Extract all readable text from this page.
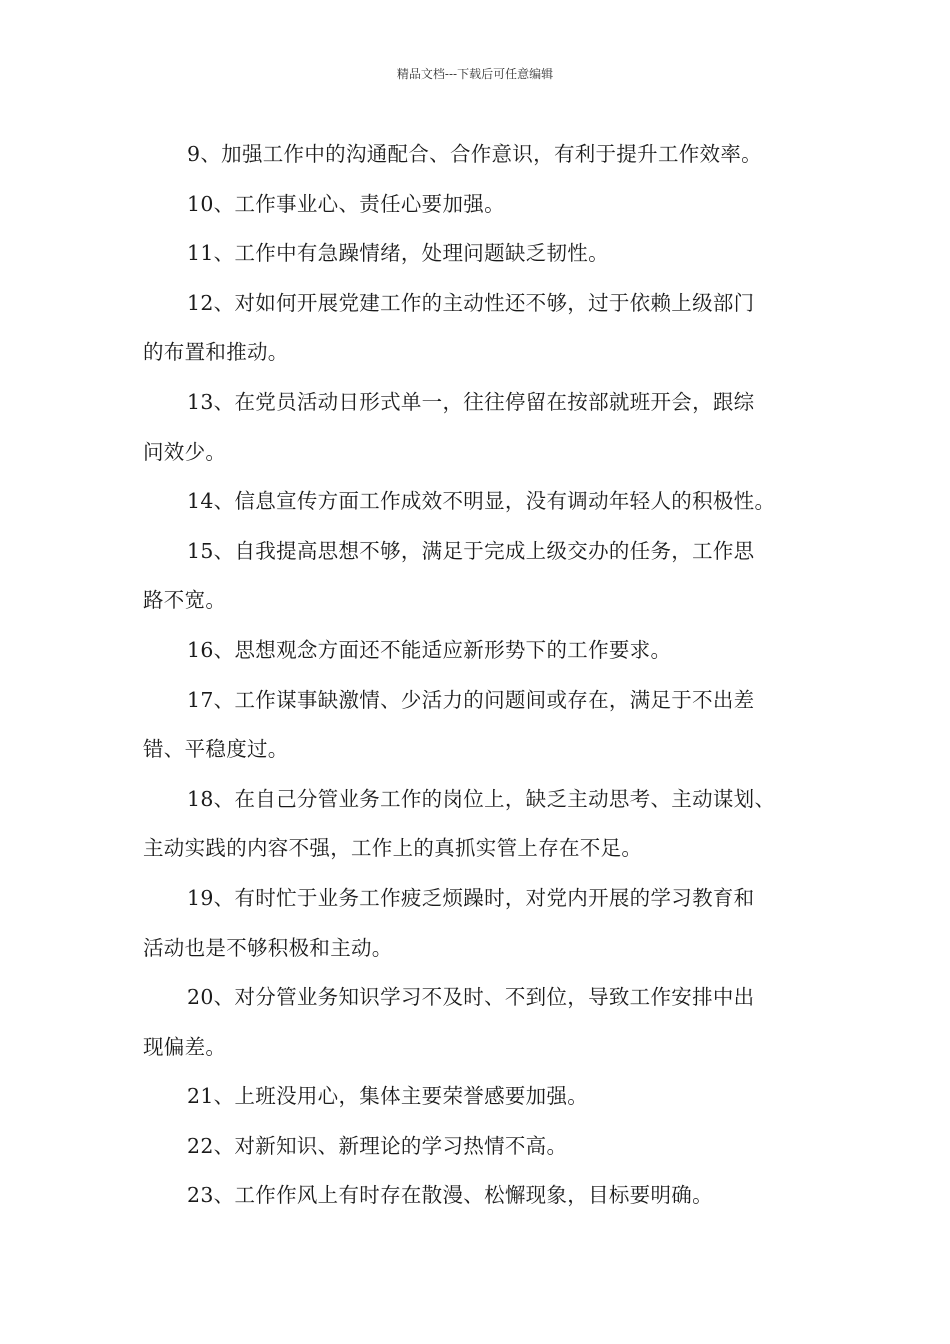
精品文档---下载后可任意编辑

9、加强工作中的沟通配合、合作意识，有利于提升工作效率。

10、工作事业心、责任心要加强。

11、工作中有急躁情绪，处理问题缺乏韧性。

12、对如何开展党建工作的主动性还不够，过于依赖上级部门
的布置和推动。

13、在党员活动日形式单一，往往停留在按部就班开会，跟综
问效少。

14、信息宣传方面工作成效不明显，没有调动年轻人的积极性。

15、自我提高思想不够，满足于完成上级交办的任务，工作思
路不宽。

16、思想观念方面还不能适应新形势下的工作要求。

17、工作谋事缺激情、少活力的问题间或存在，满足于不出差
错、平稳度过。

18、在自己分管业务工作的岗位上，缺乏主动思考、主动谋划、
主动实践的内容不强，工作上的真抓实管上存在不足。

19、有时忙于业务工作疲乏烦躁时，对党内开展的学习教育和
活动也是不够积极和主动。

20、对分管业务知识学习不及时、不到位，导致工作安排中出
现偏差。

21、上班没用心，集体主要荣誉感要加强。

22、对新知识、新理论的学习热情不高。

23、工作作风上有时存在散漫、松懈现象，目标要明确。
